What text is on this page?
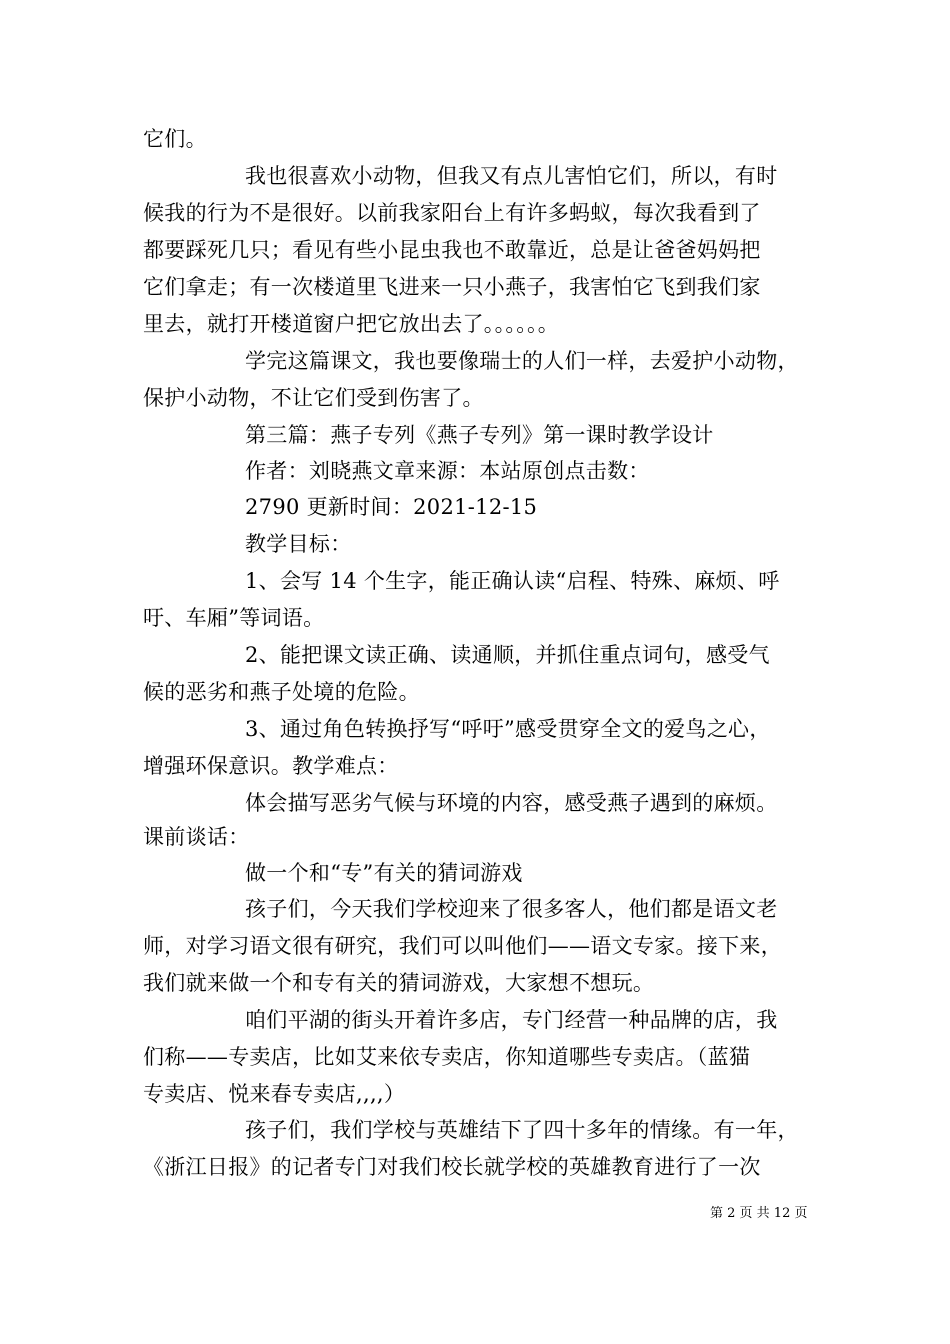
它们。
我也很喜欢小动物，但我又有点儿害怕它们，所以，有时
候我的行为不是很好。以前我家阳台上有许多蚂蚁，每次我看到了
都要踩死几只；看见有些小昆虫我也不敢靠近，总是让爸爸妈妈把
它们拿走；有一次楼道里飞进来一只小燕子，我害怕它飞到我们家
里去，就打开楼道窗户把它放出去了。。。。。。
学完这篇课文，我也要像瑞士的人们一样，去爱护小动物，
保护小动物，不让它们受到伤害了。
第三篇：燕子专列《燕子专列》第一课时教学设计
作者：刘晓燕文章来源：本站原创点击数：
2790 更新时间：2021-12-15
教学目标：
1、会写 14 个生字，能正确认读“启程、特殊、麻烦、呼
吁、车厢”等词语。
2、能把课文读正确、读通顺，并抓住重点词句，感受气
候的恶劣和燕子处境的危险。
3、通过角色转换抒写“呼吁”感受贯穿全文的爱鸟之心，
增强环保意识。教学难点：
体会描写恶劣气候与环境的内容，感受燕子遇到的麻烦。
课前谈话：
做一个和“专”有关的猜词游戏
孩子们，今天我们学校迎来了很多客人，他们都是语文老
师，对学习语文很有研究，我们可以叫他们——语文专家。接下来，
我们就来做一个和专有关的猜词游戏，大家想不想玩。
咱们平湖的街头开着许多店，专门经营一种品牌的店，我
们称——专卖店，比如艾来依专卖店，你知道哪些专卖店。（蓝猫
专卖店、悦来春专卖店,,,,）
孩子们，我们学校与英雄结下了四十多年的情缘。有一年，
《浙江日报》的记者专门对我们校长就学校的英雄教育进行了一次
第 2 页 共 12 页
